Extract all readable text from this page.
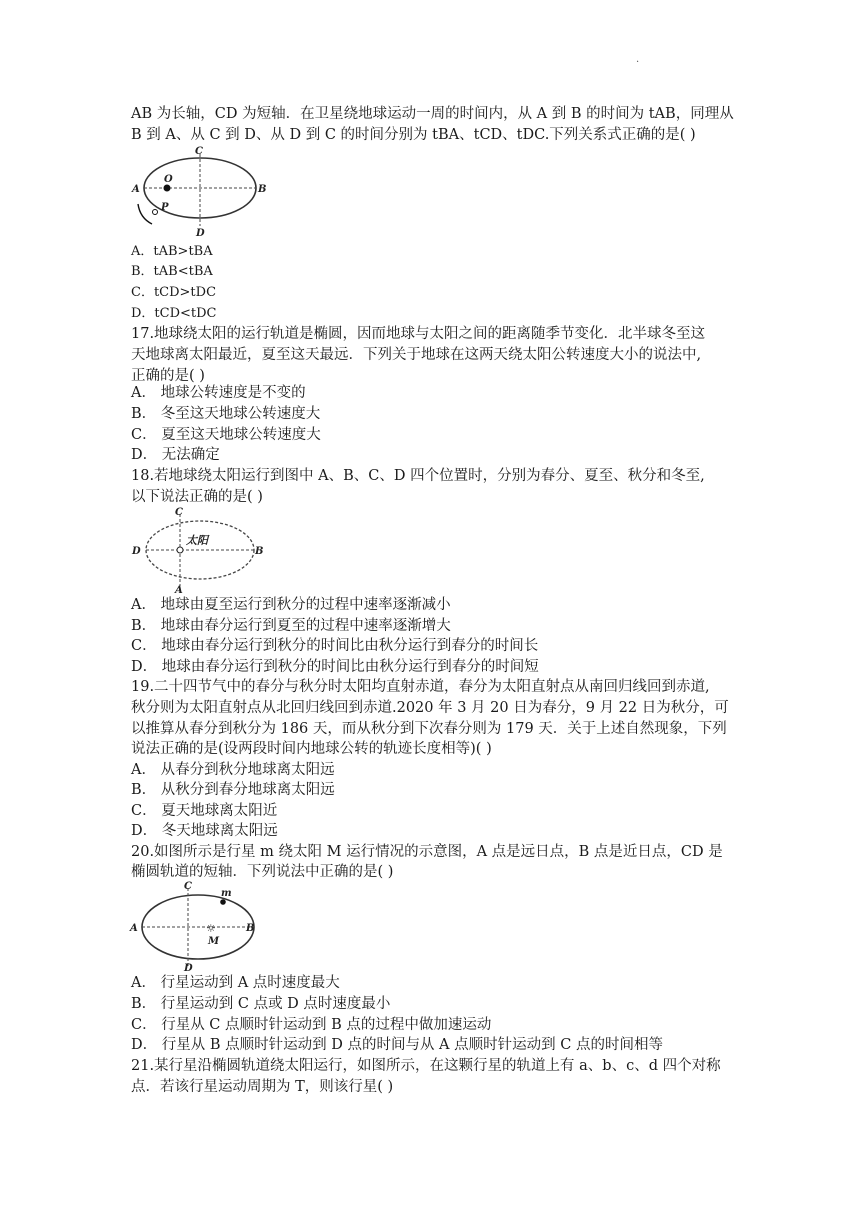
.
AB 为长轴，CD 为短轴．在卫星绕地球运动一周的时间内，从 A 到 B 的时间为 tAB，同理从
B 到 A、从 C 到 D、从 D 到 C 的时间分别为 tBA、tCD、tDC.下列关系式正确的是( )
A	B
C
D
O
P
A．tAB>tBA
B．tAB<tBA
C．tCD>tDC
D．tCD<tDC
17.地球绕太阳的运行轨道是椭圆，因而地球与太阳之间的距离随季节变化．北半球冬至这
天地球离太阳最近，夏至这天最远．下列关于地球在这两天绕太阳公转速度大小的说法中,
正确的是( )
A． 地球公转速度是不变的
B． 冬至这天地球公转速度大
C． 夏至这天地球公转速度大
D． 无法确定
18.若地球绕太阳运行到图中 A、B、C、D 四个位置时，分别为春分、夏至、秋分和冬至,
以下说法正确的是( )
C
A
D	B
太阳
A． 地球由夏至运行到秋分的过程中速率逐渐减小
B． 地球由春分运行到夏至的过程中速率逐渐增大
C． 地球由春分运行到秋分的时间比由秋分运行到春分的时间长
D． 地球由春分运行到秋分的时间比由秋分运行到春分的时间短
19.二十四节气中的春分与秋分时太阳均直射赤道，春分为太阳直射点从南回归线回到赤道,
秋分则为太阳直射点从北回归线回到赤道.2020 年 3 月 20 日为春分，9 月 22 日为秋分，可
以推算从春分到秋分为 186 天，而从秋分到下次春分则为 179 天．关于上述自然现象，下列
说法正确的是(设两段时间内地球公转的轨迹长度相等)( )
A． 从春分到秋分地球离太阳远
B． 从秋分到春分地球离太阳远
C． 夏天地球离太阳近
D． 冬天地球离太阳远
20.如图所示是行星 m 绕太阳 M 运行情况的示意图，A 点是远日点，B 点是近日点，CD 是
椭圆轨道的短轴．下列说法中正确的是( )
C
D
A	B
m
☼
M
A． 行星运动到 A 点时速度最大
B． 行星运动到 C 点或 D 点时速度最小
C． 行星从 C 点顺时针运动到 B 点的过程中做加速运动
D． 行星从 B 点顺时针运动到 D 点的时间与从 A 点顺时针运动到 C 点的时间相等
21.某行星沿椭圆轨道绕太阳运行，如图所示，在这颗行星的轨道上有 a、b、c、d 四个对称
点．若该行星运动周期为 T，则该行星( )
